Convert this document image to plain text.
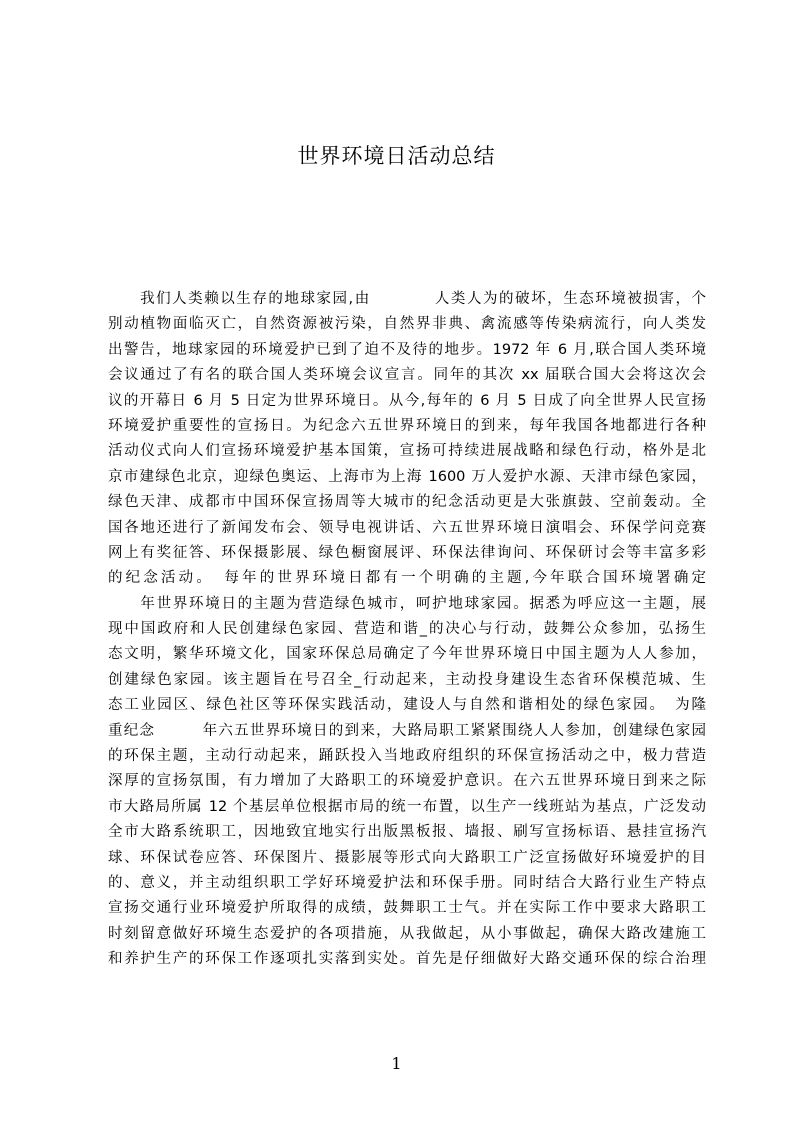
世界环境日活动总结
　　我们人类赖以生存的地球家园,由　　　　人类人为的破坏，生态环境被损害，个
别动植物面临灭亡，自然资源被污染，自然界非典、禽流感等传染病流行，向人类发
出警告，地球家园的环境爱护已到了迫不及待的地步。1972 年 6 月,联合国人类环境
会议通过了有名的联合国人类环境会议宣言。同年的其次 xx 届联合国大会将这次会
议的开幕日 6 月 5 日定为世界环境日。从今,每年的 6 月 5 日成了向全世界人民宣扬
环境爱护重要性的宣扬日。为纪念六五世界环境日的到来，每年我国各地都进行各种
活动仪式向人们宣扬环境爱护基本国策，宣扬可持续进展战略和绿色行动，格外是北
京市建绿色北京，迎绿色奥运、上海市为上海 1600 万人爱护水源、天津市绿色家园，
绿色天津、成都市中国环保宣扬周等大城市的纪念活动更是大张旗鼓、空前轰动。全
国各地还进行了新闻发布会、领导电视讲话、六五世界环境日演唱会、环保学问竞赛
网上有奖征答、环保摄影展、绿色橱窗展评、环保法律询问、环保研讨会等丰富多彩
的纪念活动。　每年的世界环境日都有一个明确的主题,今年联合国环境署确定
　　年世界环境日的主题为营造绿色城市，呵护地球家园。据悉为呼应这一主题，展
现中国政府和人民创建绿色家园、营造和谐_的决心与行动，鼓舞公众参加，弘扬生
态文明，繁华环境文化，国家环保总局确定了今年世界环境日中国主题为人人参加，
创建绿色家园。该主题旨在号召全_行动起来，主动投身建设生态省环保模范城、生
态工业园区、绿色社区等环保实践活动，建设人与自然和谐相处的绿色家园。　为隆
重纪念　　　年六五世界环境日的到来，大路局职工紧紧围绕人人参加，创建绿色家园
的环保主题，主动行动起来，踊跃投入当地政府组织的环保宣扬活动之中，极力营造
深厚的宣扬氛围，有力增加了大路职工的环境爱护意识。在六五世界环境日到来之际
市大路局所属 12 个基层单位根据市局的统一布置，以生产一线班站为基点，广泛发动
全市大路系统职工，因地致宜地实行出版黑板报、墙报、刷写宣扬标语、悬挂宣扬汽
球、环保试卷应答、环保图片、摄影展等形式向大路职工广泛宣扬做好环境爱护的目
的、意义，并主动组织职工学好环境爱护法和环保手册。同时结合大路行业生产特点
宣扬交通行业环境爱护所取得的成绩，鼓舞职工士气。并在实际工作中要求大路职工
时刻留意做好环境生态爱护的各项措施，从我做起，从小事做起，确保大路改建施工
和养护生产的环保工作逐项扎实落到实处。首先是仔细做好大路交通环保的综合治理
1
